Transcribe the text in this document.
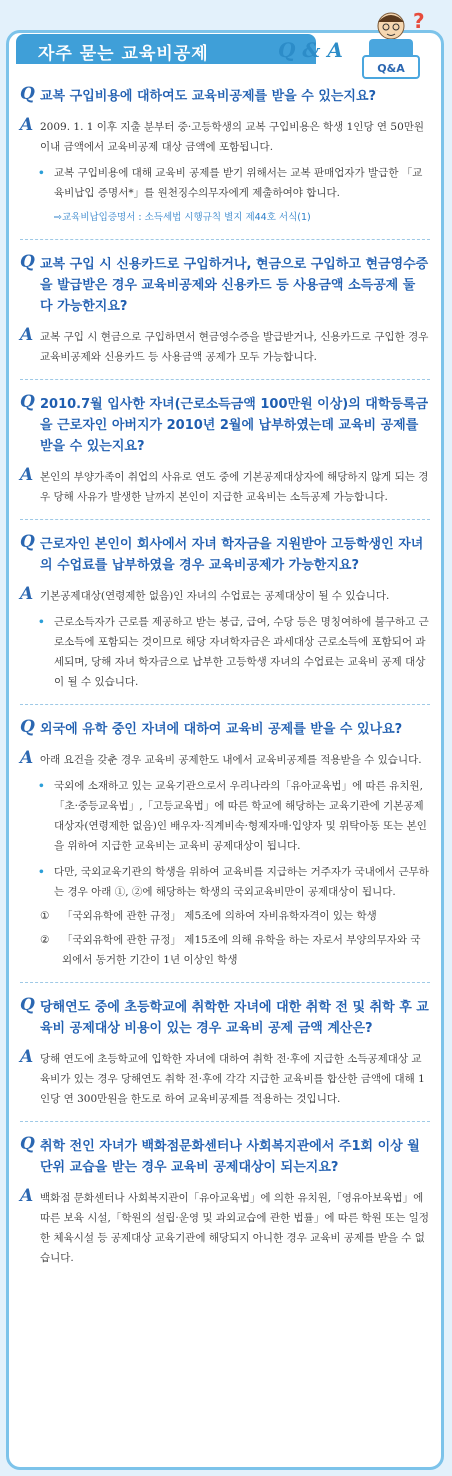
자주 묻는 교육비공제	Q & A
?
Q&A
Q 교복 구입비용에 대하여도 교육비공제를 받을 수 있는지요?
A 2009. 1. 1 이후 지출 분부터 중·고등학생의 교복 구입비용은 학생 1인당 연 50만원 이내 금액에서 교육비공제 대상 금액에 포함됩니다.
• 교복 구입비용에 대해 교육비 공제를 받기 위해서는 교복 판매업자가 발급한 「교육비납입 증명서*」를 원천징수의무자에게 제출하여야 합니다.
⇨교육비납입증명서 : 소득세법 시행규칙 별지 제44호 서식(1)
Q 교복 구입 시 신용카드로 구입하거나, 현금으로 구입하고 현금영수증을 발급받은 경우 교육비공제와 신용카드 등 사용금액 소득공제 둘 다 가능한지요?
A 교복 구입 시 현금으로 구입하면서 현금영수증을 발급받거나, 신용카드로 구입한 경우 교육비공제와 신용카드 등 사용금액 공제가 모두 가능합니다.
Q 2010.7월 입사한 자녀(근로소득금액 100만원 이상)의 대학등록금을 근로자인 아버지가 2010년 2월에 납부하였는데 교육비 공제를 받을 수 있는지요?
A 본인의 부양가족이 취업의 사유로 연도 중에 기본공제대상자에 해당하지 않게 되는 경우 당해 사유가 발생한 날까지 본인이 지급한 교육비는 소득공제 가능합니다.
Q 근로자인 본인이 회사에서 자녀 학자금을 지원받아 고등학생인 자녀의 수업료를 납부하였을 경우 교육비공제가 가능한지요?
A 기본공제대상(연령제한 없음)인 자녀의 수업료는 공제대상이 될 수 있습니다.
• 근로소득자가 근로를 제공하고 받는 봉급, 급여, 수당 등은 명칭여하에 불구하고 근로소득에 포함되는 것이므로 해당 자녀학자금은 과세대상 근로소득에 포함되어 과세되며, 당해 자녀 학자금으로 납부한 고등학생 자녀의 수업료는 교육비 공제 대상이 될 수 있습니다.
Q 외국에 유학 중인 자녀에 대하여 교육비 공제를 받을 수 있나요?
A 아래 요건을 갖춘 경우 교육비 공제한도 내에서 교육비공제를 적용받을 수 있습니다.
• 국외에 소재하고 있는 교육기관으로서 우리나라의「유아교육법」에 따른 유치원,「초·중등교육법」,「고등교육법」에 따른 학교에 해당하는 교육기관에 기본공제대상자(연령제한 없음)인 배우자·직계비속·형제자매·입양자 및 위탁아동 또는 본인을 위하여 지급한 교육비는 교육비 공제대상이 됩니다.
• 다만, 국외교육기관의 학생을 위하여 교육비를 지급하는 거주자가 국내에서 근무하는 경우 아래 ①, ②에 해당하는 학생의 국외교육비만이 공제대상이 됩니다.
① 「국외유학에 관한 규정」 제5조에 의하여 자비유학자격이 있는 학생
② 「국외유학에 관한 규정」 제15조에 의해 유학을 하는 자로서 부양의무자와 국외에서 동거한 기간이 1년 이상인 학생
Q 당해연도 중에 초등학교에 취학한 자녀에 대한 취학 전 및 취학 후 교육비 공제대상 비용이 있는 경우 교육비 공제 금액 계산은?
A 당해 연도에 초등학교에 입학한 자녀에 대하여 취학 전·후에 지급한 소득공제대상 교육비가 있는 경우 당해연도 취학 전·후에 각각 지급한 교육비를 합산한 금액에 대해 1인당 연 300만원을 한도로 하여 교육비공제를 적용하는 것입니다.
Q 취학 전인 자녀가 백화점문화센터나 사회복지관에서 주1회 이상 월단위 교습을 받는 경우 교육비 공제대상이 되는지요?
A 백화점 문화센터나 사회복지관이「유아교육법」에 의한 유치원,「영유아보육법」에 따른 보육 시설,「학원의 설립·운영 및 과외교습에 관한 법률」에 따른 학원 또는 일정한 체육시설 등 공제대상 교육기관에 해당되지 아니한 경우 교육비 공제를 받을 수 없습니다.
